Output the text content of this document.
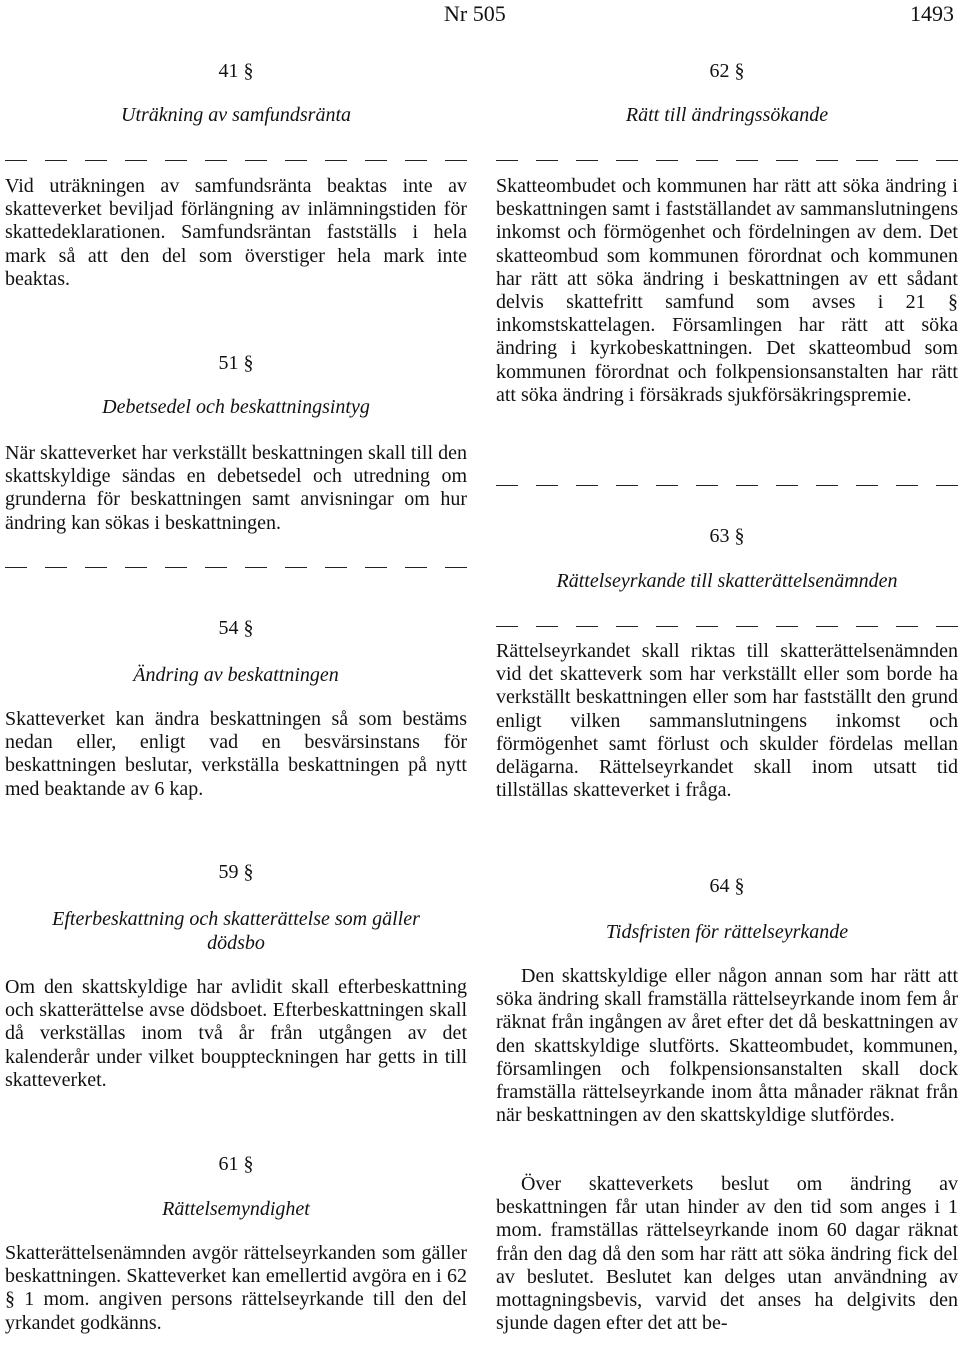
Nr 505	1493
41 §
Uträkning av samfundsränta
Vid uträkningen av samfundsränta beaktas inte av skatteverket beviljad förlängning av inlämningstiden för skattedeklarationen. Samfundsräntan fastställs i hela mark så att den del som överstiger hela mark inte beaktas.
51 §
Debetsedel och beskattningsintyg
När skatteverket har verkställt beskattningen skall till den skattskyldige sändas en debetsedel och utredning om grunderna för beskattningen samt anvisningar om hur ändring kan sökas i beskattningen.
54 §
Ändring av beskattningen
Skatteverket kan ändra beskattningen så som bestäms nedan eller, enligt vad en besvärsinstans för beskattningen beslutar, verkställa beskattningen på nytt med beaktande av 6 kap.
59 §
Efterbeskattning och skatterättelse som gäller dödsbo
Om den skattskyldige har avlidit skall efterbeskattning och skatterättelse avse dödsboet. Efterbeskattningen skall då verkställas inom två år från utgången av det kalenderår under vilket bouppteckningen har getts in till skatteverket.
61 §
Rättelsemyndighet
Skatterättelsenämnden avgör rättelseyrkanden som gäller beskattningen. Skatteverket kan emellertid avgöra en i 62 § 1 mom. angiven persons rättelseyrkande till den del yrkandet godkänns.
62 §
Rätt till ändringssökande
Skatteombudet och kommunen har rätt att söka ändring i beskattningen samt i fastställandet av sammanslutningens inkomst och förmögenhet och fördelningen av dem. Det skatteombud som kommunen förordnat och kommunen har rätt att söka ändring i beskattningen av ett sådant delvis skattefritt samfund som avses i 21 § inkomstskattelagen. Församlingen har rätt att söka ändring i kyrkobeskattningen. Det skatteombud som kommunen förordnat och folkpensionsanstalten har rätt att söka ändring i försäkrads sjukförsäkringspremie.
63 §
Rättelseyrkande till skatterättelsenämnden
Rättelseyrkandet skall riktas till skatterättelsenämnden vid det skatteverk som har verkställt eller som borde ha verkställt beskattningen eller som har fastställt den grund enligt vilken sammanslutningens inkomst och förmögenhet samt förlust och skulder fördelas mellan delägarna. Rättelseyrkandet skall inom utsatt tid tillställas skatteverket i fråga.
64 §
Tidsfristen för rättelseyrkande
Den skattskyldige eller någon annan som har rätt att söka ändring skall framställa rättelseyrkande inom fem år räknat från ingången av året efter det då beskattningen av den skattskyldige slutförts. Skatteombudet, kommunen, församlingen och folkpensionsanstalten skall dock framställa rättelseyrkande inom åtta månader räknat från när beskattningen av den skattskyldige slutfördes.
Över skatteverkets beslut om ändring av beskattningen får utan hinder av den tid som anges i 1 mom. framställas rättelseyrkande inom 60 dagar räknat från den dag då den som har rätt att söka ändring fick del av beslutet. Beslutet kan delges utan användning av mottagningsbevis, varvid det anses ha delgivits den sjunde dagen efter det att be-
